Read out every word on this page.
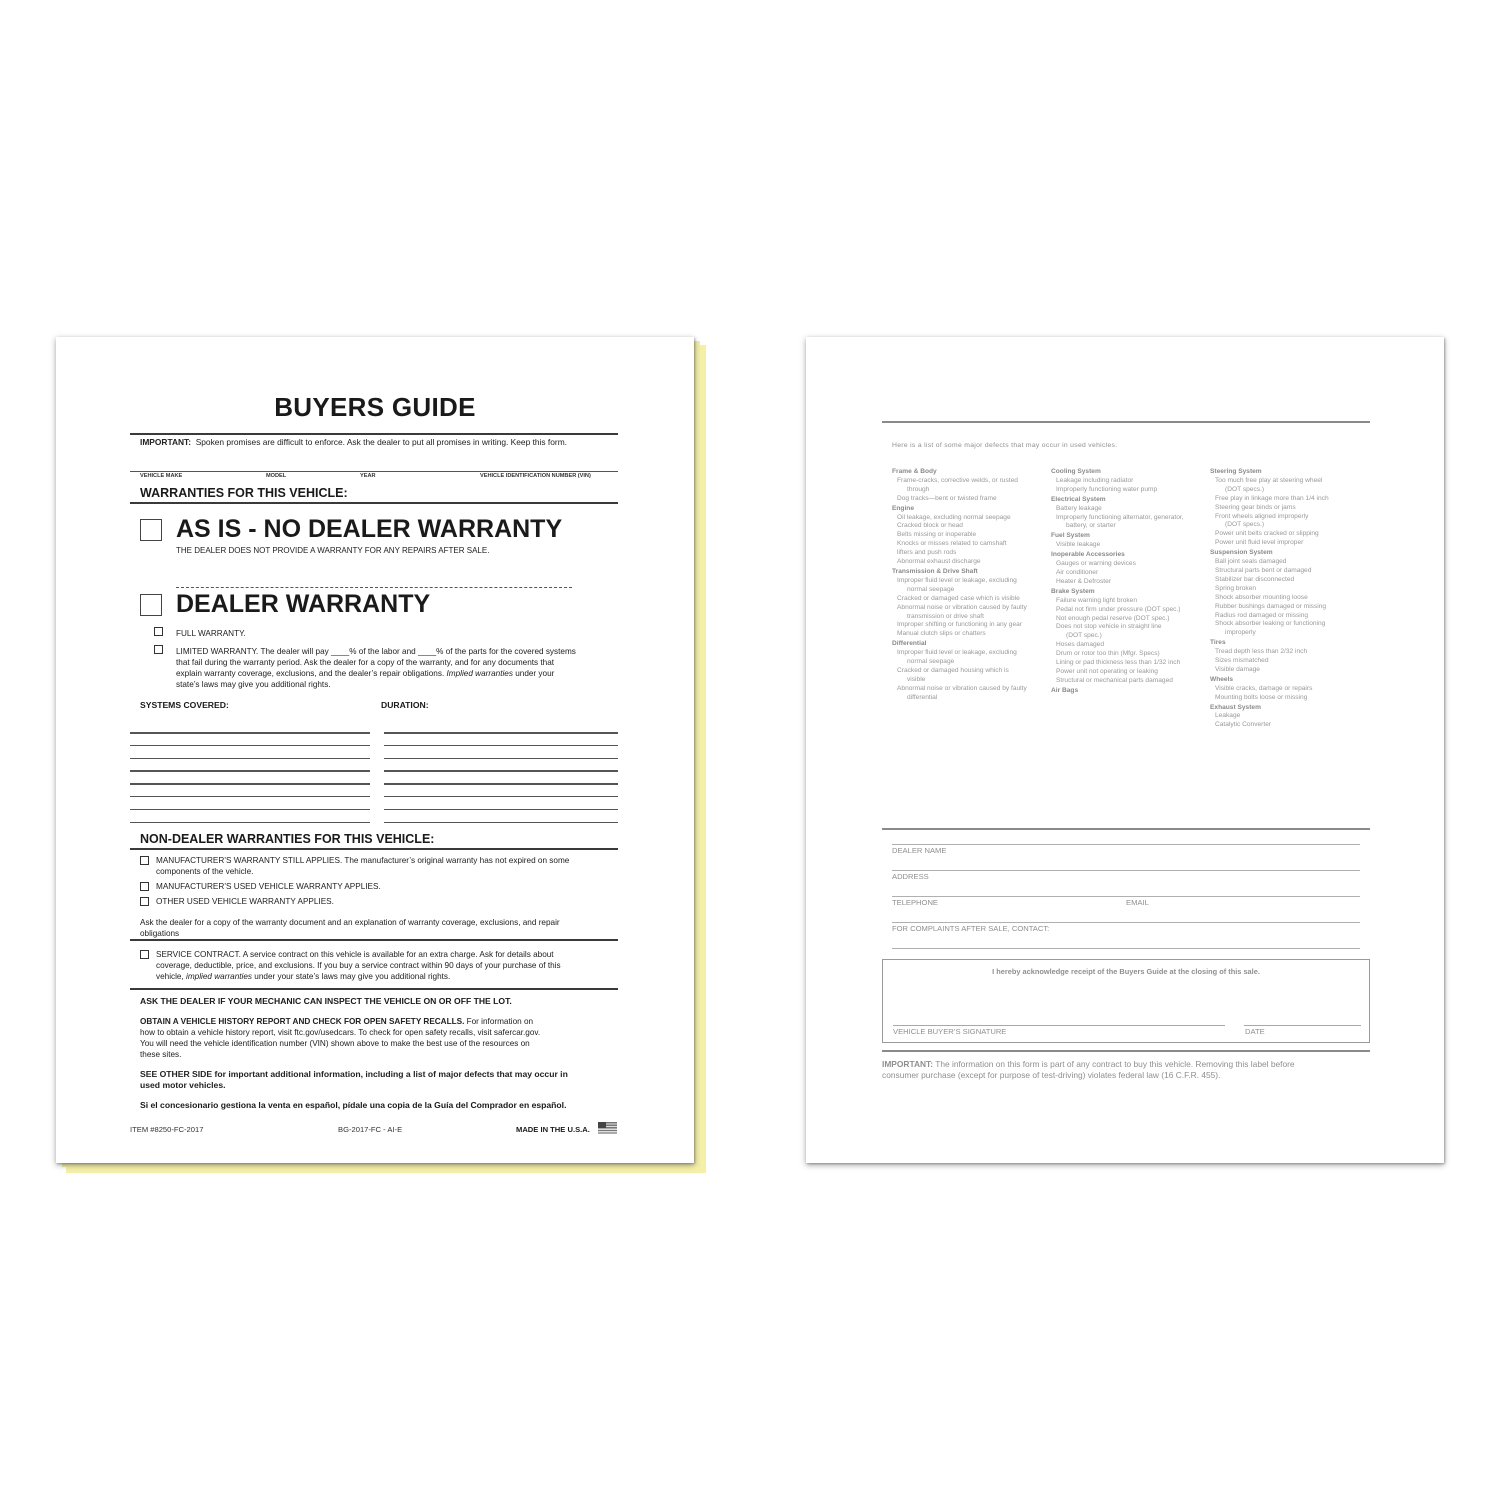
BUYERS GUIDE
IMPORTANT: Spoken promises are difficult to enforce. Ask the dealer to put all promises in writing. Keep this form.
VEHICLE MAKE	MODEL	YEAR	VEHICLE IDENTIFICATION NUMBER (VIN)
WARRANTIES FOR THIS VEHICLE:
AS IS - NO DEALER WARRANTY
THE DEALER DOES NOT PROVIDE A WARRANTY FOR ANY REPAIRS AFTER SALE.
DEALER WARRANTY
FULL WARRANTY.
LIMITED WARRANTY. The dealer will pay ____% of the labor and ____% of the parts for the covered systems
that fail during the warranty period. Ask the dealer for a copy of the warranty, and for any documents that
explain warranty coverage, exclusions, and the dealer’s repair obligations. Implied warranties under your
state’s laws may give you additional rights.
SYSTEMS COVERED:	DURATION:
NON-DEALER WARRANTIES FOR THIS VEHICLE:
MANUFACTURER’S WARRANTY STILL APPLIES. The manufacturer’s original warranty has not expired on some
components of the vehicle.
MANUFACTURER’S USED VEHICLE WARRANTY APPLIES.
OTHER USED VEHICLE WARRANTY APPLIES.
Ask the dealer for a copy of the warranty document and an explanation of warranty coverage, exclusions, and repair
obligations
SERVICE CONTRACT. A service contract on this vehicle is available for an extra charge. Ask for details about
coverage, deductible, price, and exclusions. If you buy a service contract within 90 days of your purchase of this
vehicle, implied warranties under your state’s laws may give you additional rights.
ASK THE DEALER IF YOUR MECHANIC CAN INSPECT THE VEHICLE ON OR OFF THE LOT.
OBTAIN A VEHICLE HISTORY REPORT AND CHECK FOR OPEN SAFETY RECALLS. For information on
how to obtain a vehicle history report, visit ftc.gov/usedcars. To check for open safety recalls, visit safercar.gov.
You will need the vehicle identification number (VIN) shown above to make the best use of the resources on
these sites.
SEE OTHER SIDE for important additional information, including a list of major defects that may occur in
used motor vehicles.
Si el concesionario gestiona la venta en español, pídale una copia de la Guía del Comprador en español.
ITEM #8250-FC-2017	BG-2017-FC - AI-E	MADE IN THE U.S.A.
Here is a list of some major defects that may occur in used vehicles.
Frame & Body
Frame-cracks, corrective welds, or rusted
through
Dog tracks—bent or twisted frame
Engine
Oil leakage, excluding normal seepage
Cracked block or head
Belts missing or inoperable
Knocks or misses related to camshaft
lifters and push rods
Abnormal exhaust discharge
Transmission & Drive Shaft
Improper fluid level or leakage, excluding
normal seepage
Cracked or damaged case which is visible
Abnormal noise or vibration caused by faulty
transmission or drive shaft
Improper shifting or functioning in any gear
Manual clutch slips or chatters
Differential
Improper fluid level or leakage, excluding
normal seepage
Cracked or damaged housing which is
visible
Abnormal noise or vibration caused by faulty
differential
Cooling System
Leakage including radiator
Improperly functioning water pump
Electrical System
Battery leakage
Improperly functioning alternator, generator,
battery, or starter
Fuel System
Visible leakage
Inoperable Accessories
Gauges or warning devices
Air conditioner
Heater & Defroster
Brake System
Failure warning light broken
Pedal not firm under pressure (DOT spec.)
Not enough pedal reserve (DOT spec.)
Does not stop vehicle in straight line
(DOT spec.)
Hoses damaged
Drum or rotor too thin (Mfgr. Specs)
Lining or pad thickness less than 1/32 inch
Power unit not operating or leaking
Structural or mechanical parts damaged
Air Bags
Steering System
Too much free play at steering wheel
(DOT specs.)
Free play in linkage more than 1/4 inch
Steering gear binds or jams
Front wheels aligned improperly
(DOT specs.)
Power unit belts cracked or slipping
Power unit fluid level improper
Suspension System
Ball joint seals damaged
Structural parts bent or damaged
Stabilizer bar disconnected
Spring broken
Shock absorber mounting loose
Rubber bushings damaged or missing
Radius rod damaged or missing
Shock absorber leaking or functioning
improperly
Tires
Tread depth less than 2/32 inch
Sizes mismatched
Visible damage
Wheels
Visible cracks, damage or repairs
Mounting bolts loose or missing
Exhaust System
Leakage
Catalytic Converter
DEALER NAME
ADDRESS
TELEPHONE	EMAIL
FOR COMPLAINTS AFTER SALE, CONTACT:
I hereby acknowledge receipt of the Buyers Guide at the closing of this sale.
VEHICLE BUYER’S SIGNATURE	DATE
IMPORTANT: The information on this form is part of any contract to buy this vehicle. Removing this label before
consumer purchase (except for purpose of test-driving) violates federal law (16 C.F.R. 455).
